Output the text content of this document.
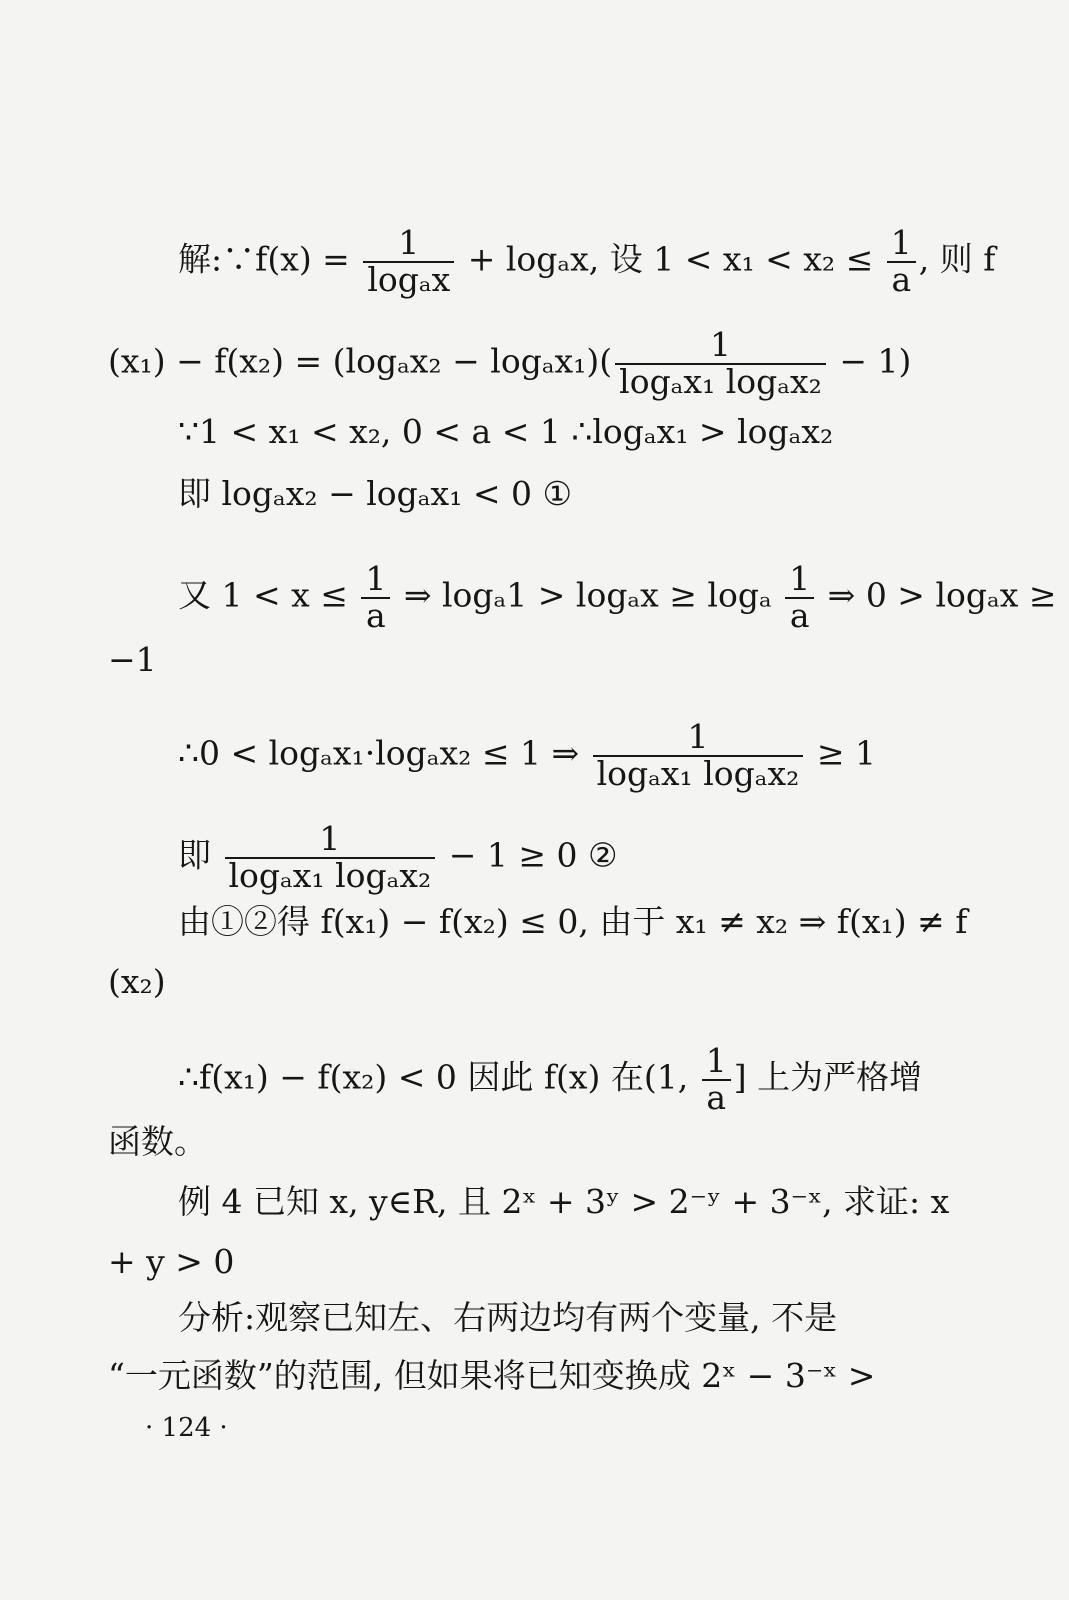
解:∵f(x) = $\frac{1}{\text{logₐx}} + \log_ax$, 设 $1 < x_1 < x_2 \le \frac{1}{a}$ , 则 f
$(x_1) - f(x_2) = (\log_ax_2 - \log_ax_1)( \frac{1}{\text{logₐx₁ logₐx₂}} - 1)$
∵1 < x₁ < x₂, 0 < a < 1 ∴logₐx₁ > logₐx₂
即 logₐx₂ − logₐx₁ < 0 ①
又 $1 < x \le \frac{1}{a}$ ⇒ logₐ1 > logₐx ≥ logₐ $\frac{1}{a}$ ⇒ 0 > logₐx ≥
−1
∴0 < logₐx₁·logₐx₂ ≤ 1 ⇒ $\frac{1}{\text{logₐx₁ logₐx₂}} \ge 1$
即 $\frac{1}{\text{logₐx₁ logₐx₂}} - 1 \ge 0$ ②
由①②得 f(x₁) − f(x₂) ≤ 0, 由于 x₁ ≠ x₂ ⇒ f(x₁) ≠ f
(x₂)
∴f(x₁) − f(x₂) < 0 因此 f(x) 在(1, $\frac{1}{a}$ ] 上为严格增
函数。
例 4 已知 x, y∈R, 且 2ˣ + 3ʸ > 2⁻ʸ + 3⁻ˣ, 求证: x
+ y > 0
分析:观察已知左、右两边均有两个变量, 不是
“一元函数”的范围, 但如果将已知变换成 2ˣ − 3⁻ˣ >
· 124 ·
